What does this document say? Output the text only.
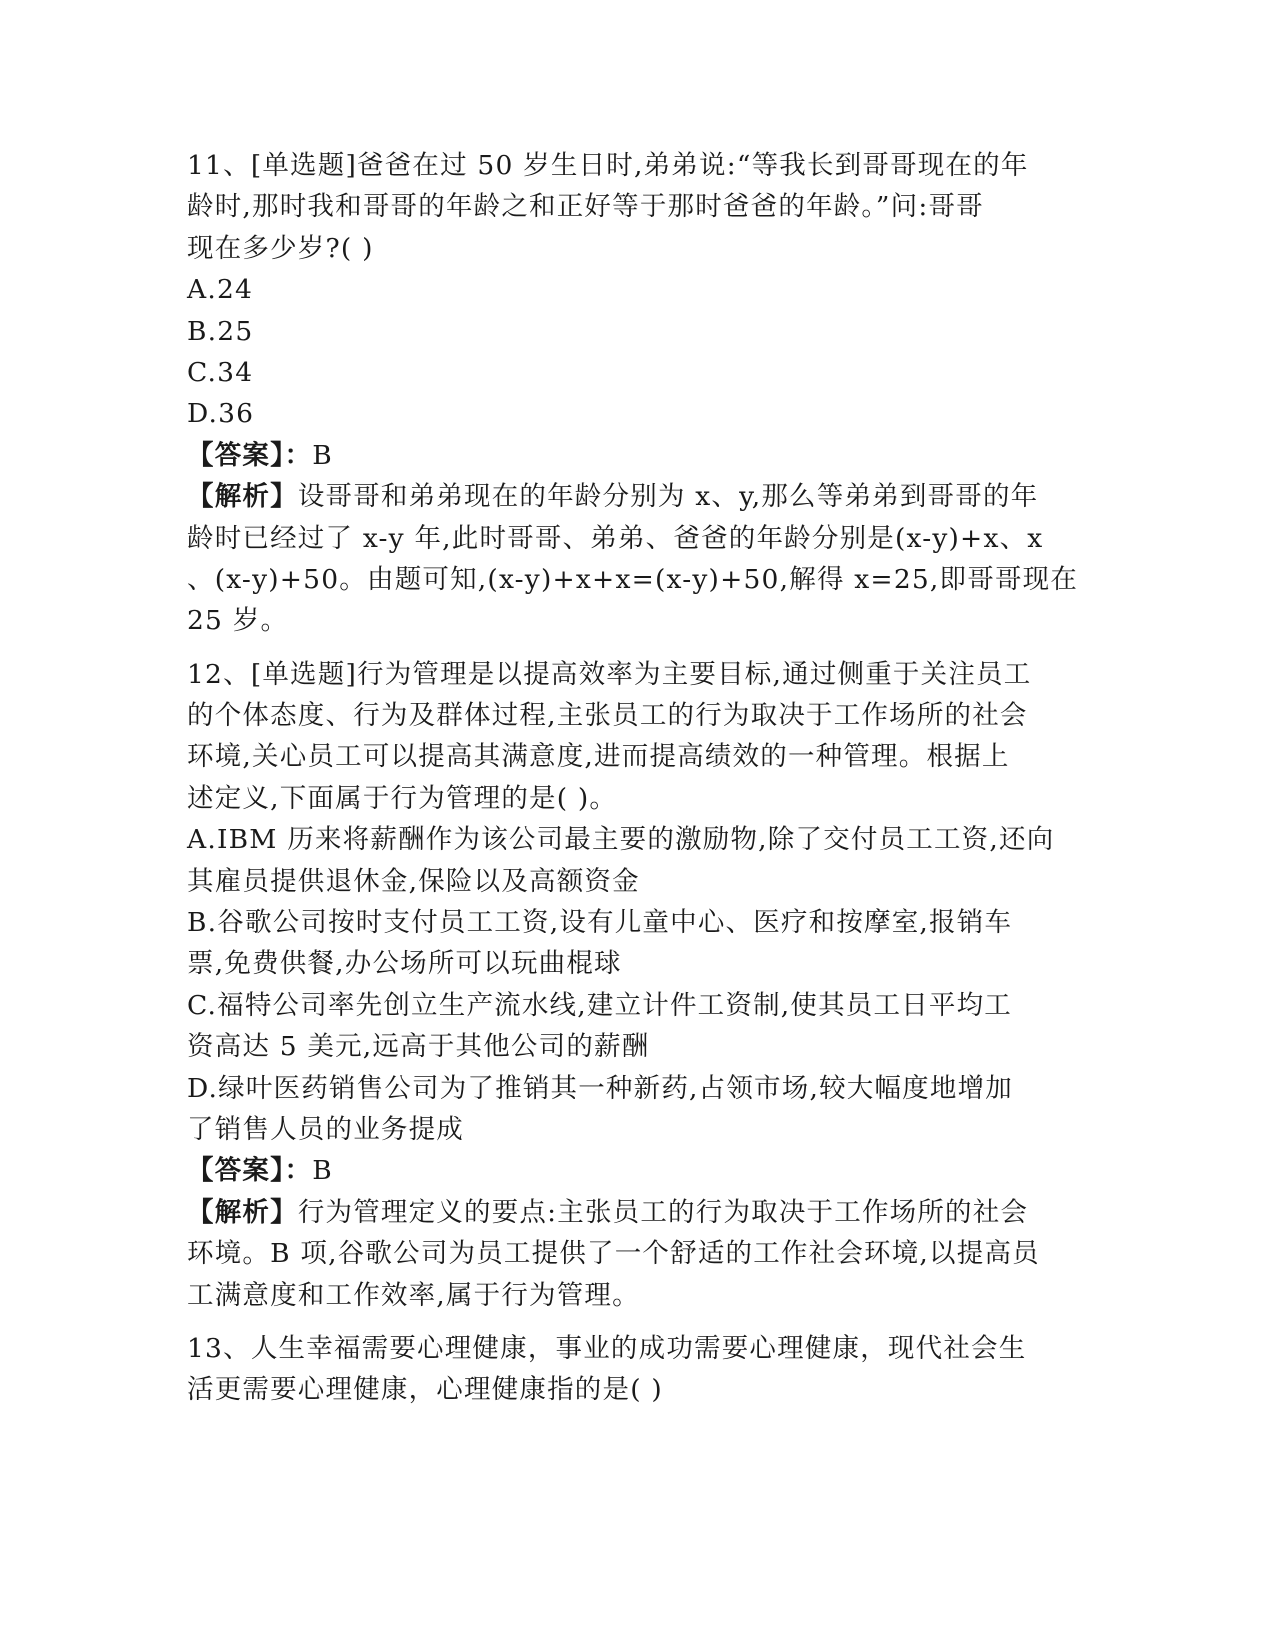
11、[单选题]爸爸在过 50 岁生日时,弟弟说:“等我长到哥哥现在的年
龄时,那时我和哥哥的年龄之和正好等于那时爸爸的年龄。”问:哥哥
现在多少岁?( )
A.24
B.25
C.34
D.36
【答案】：B
【解析】设哥哥和弟弟现在的年龄分别为 x、y,那么等弟弟到哥哥的年
龄时已经过了 x-y 年,此时哥哥、弟弟、爸爸的年龄分别是(x-y)+x、x
、(x-y)+50。由题可知,(x-y)+x+x=(x-y)+50,解得 x=25,即哥哥现在
25 岁。
12、[单选题]行为管理是以提高效率为主要目标,通过侧重于关注员工
的个体态度、行为及群体过程,主张员工的行为取决于工作场所的社会
环境,关心员工可以提高其满意度,进而提高绩效的一种管理。根据上
述定义,下面属于行为管理的是( )。
A.IBM 历来将薪酬作为该公司最主要的激励物,除了交付员工工资,还向
其雇员提供退休金,保险以及高额资金
B.谷歌公司按时支付员工工资,设有儿童中心、医疗和按摩室,报销车
票,免费供餐,办公场所可以玩曲棍球
C.福特公司率先创立生产流水线,建立计件工资制,使其员工日平均工
资高达 5 美元,远高于其他公司的薪酬
D.绿叶医药销售公司为了推销其一种新药,占领市场,较大幅度地增加
了销售人员的业务提成
【答案】：B
【解析】行为管理定义的要点:主张员工的行为取决于工作场所的社会
环境。B 项,谷歌公司为员工提供了一个舒适的工作社会环境,以提高员
工满意度和工作效率,属于行为管理。
13、人生幸福需要心理健康，事业的成功需要心理健康，现代社会生
活更需要心理健康，心理健康指的是( )
